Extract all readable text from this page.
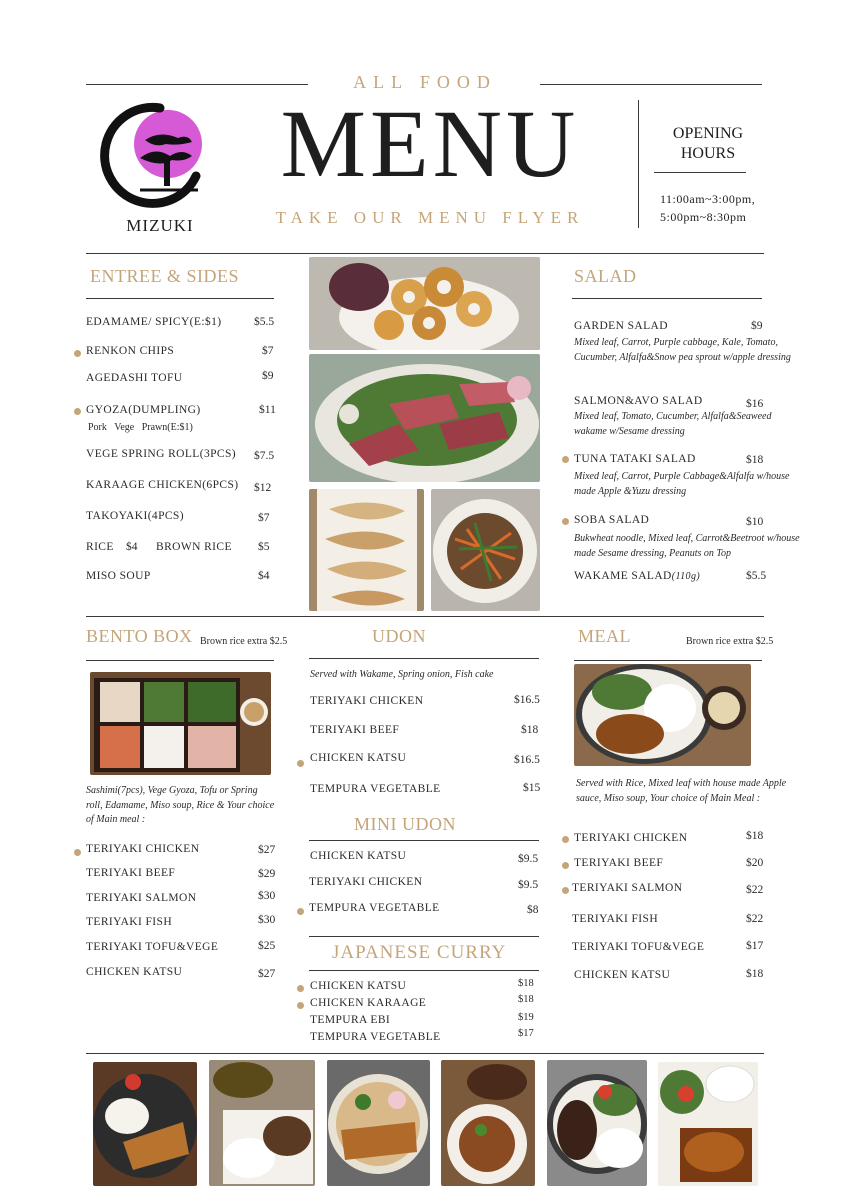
ALL FOOD
MENU
TAKE OUR MENU FLYER
MIZUKI
OPENING HOURS
11:00am~3:00pm,
5:00pm~8:30pm
ENTREE & SIDES
EDAMAME/ SPICY(E:$1)	$5.5
RENKON CHIPS	$7
AGEDASHI TOFU	$9
GYOZA(DUMPLING)	$11
Pork   Vege   Prawn(E:$1)
VEGE SPRING ROLL(3PCS) $7.5
KARAAGE CHICKEN(6PCS) $12
TAKOYAKI(4PCS)	$7
RICE $4 BROWN RICE $5
MISO SOUP	$4
SALAD
GARDEN SALAD	$9
Mixed leaf, Carrot, Purple cabbage, Kale, Tomato, Cucumber, Alfalfa&Snow pea sprout w/apple dressing
SALMON&AVO SALAD	$16
Mixed leaf, Tomato, Cucumber, Alfalfa&Seaweed wakame w/Sesame dressing
TUNA TATAKI SALAD	$18
Mixed leaf, Carrot, Purple Cabbage&Alfalfa w/house made Apple &Yuzu dressing
SOBA SALAD	$10
Bukwheat noodle, Mixed leaf, Carrot&Beetroot w/house made Sesame dressing, Peanuts on Top
WAKAME SALAD(110g)	$5.5
BENTO BOX Brown rice extra $2.5
Sashimi(7pcs), Vege Gyoza, Tofu or Spring roll, Edamame, Miso soup, Rice & Your choice of Main meal :
TERIYAKI CHICKEN	$27
TERIYAKI BEEF	$29
TERIYAKI SALMON	$30
TERIYAKI FISH	$30
TERIYAKI TOFU&VEGE	$25
CHICKEN KATSU	$27
UDON
Served with Wakame, Spring onion, Fish cake
TERIYAKI CHICKEN	$16.5
TERIYAKI BEEF	$18
CHICKEN KATSU	$16.5
TEMPURA VEGETABLE	$15
MINI UDON
CHICKEN KATSU	$9.5
TERIYAKI CHICKEN	$9.5
TEMPURA VEGETABLE	$8
JAPANESE CURRY
CHICKEN KATSU	$18
CHICKEN KARAAGE	$18
TEMPURA EBI	$19
TEMPURA VEGETABLE	$17
MEAL	Brown rice extra $2.5
Served with Rice, Mixed leaf with house made Apple sauce, Miso soup, Your choice of Main Meal :
TERIYAKI CHICKEN	$18
TERIYAKI BEEF	$20
TERIYAKI SALMON	$22
TERIYAKI FISH	$22
TERIYAKI TOFU&VEGE	$17
CHICKEN KATSU	$18
